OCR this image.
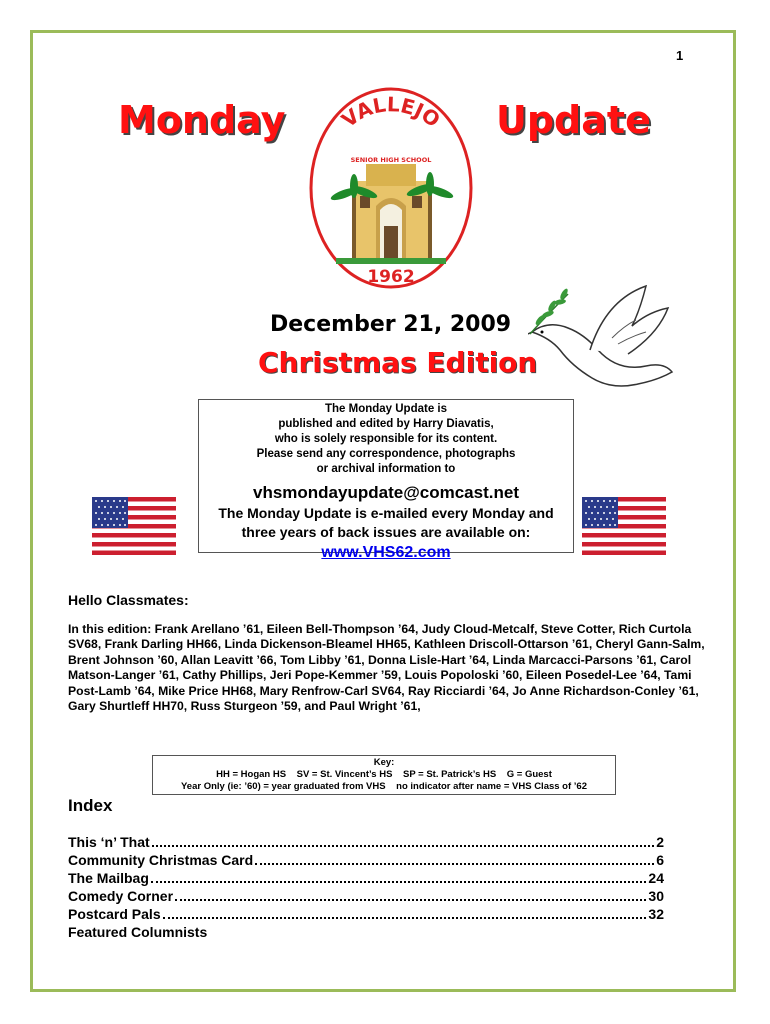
1
Monday	Update
VALLEJO
SENIOR HIGH SCHOOL
1962
December 21, 2009
Christmas Edition
The Monday Update is
published and edited by Harry Diavatis,
who is solely responsible for its content.
Please send any correspondence, photographs
or archival information to
vhsmondayupdate@comcast.net
The Monday Update is e-mailed every Monday and
three years of back issues are available on:
www.VHS62.com
Hello Classmates:
In this edition: Frank Arellano ’61, Eileen Bell-Thompson ’64, Judy Cloud-Metcalf, Steve Cotter, Rich Curtola SV68, Frank Darling HH66, Linda Dickenson-Bleamel HH65, Kathleen Driscoll-Ottarson ’61, Cheryl Gann-Salm, Brent Johnson ’60, Allan Leavitt ’66, Tom Libby ’61, Donna Lisle-Hart ’64, Linda Marcacci-Parsons ’61, Carol Matson-Langer ’61, Cathy Phillips, Jeri Pope-Kemmer ’59, Louis Popoloski ’60, Eileen Posedel-Lee ’64, Tami Post-Lamb ’64, Mike Price HH68, Mary Renfrow-Carl SV64, Ray Ricciardi ’64, Jo Anne Richardson-Conley ’61, Gary Shurtleff HH70, Russ Sturgeon ’59, and Paul Wright ’61,
Key:
HH = Hogan HS    SV = St. Vincent’s HS    SP = St. Patrick’s HS    G = Guest
Year Only (ie: ’60) = year graduated from VHS    no indicator after name = VHS Class of ’62
Index
This ‘n’ That	2
Community Christmas Card	6
The Mailbag	24
Comedy Corner	30
Postcard Pals	32
Featured Columnists
